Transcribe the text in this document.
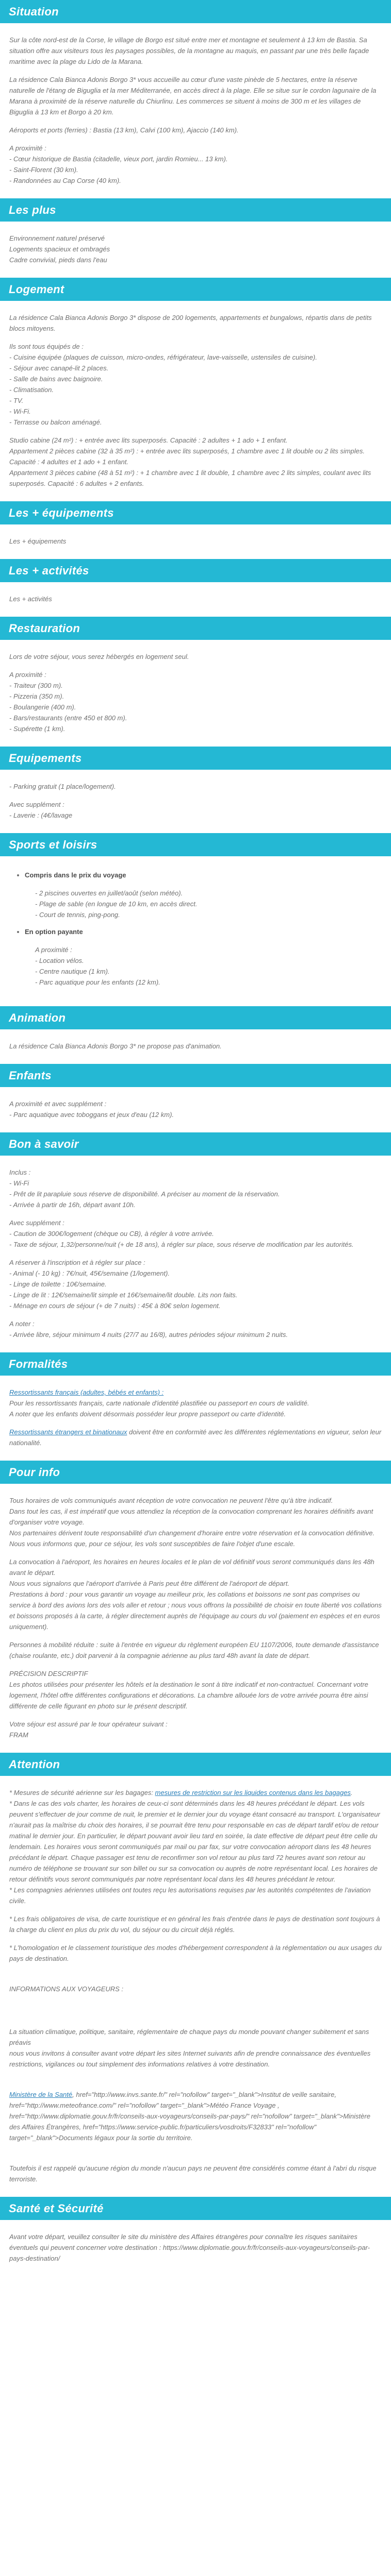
Situation

Sur la côte nord-est de la Corse, le village de Borgo est situé entre mer et montagne et seulement à 13 km de Bastia. Sa situation offre aux visiteurs tous les paysages possibles, de la montagne au maquis, en passant par une très belle façade maritime avec la plage du Lido de la Marana.

La résidence Cala Bianca Adonis Borgo 3* vous accueille au cœur d'une vaste pinède de 5 hectares, entre la réserve naturelle de l'étang de Biguglia et la mer Méditerranée, en accès direct à la plage. Elle se situe sur le cordon lagunaire de la Marana à proximité de la réserve naturelle du Chiurlinu. Les commerces se situent à moins de 300 m et les villages de Biguglia à 13 km et Borgo à 20 km.

Aéroports et ports (ferries) : Bastia (13 km), Calvi (100 km), Ajaccio (140 km).

A proximité :
- Cœur historique de Bastia (citadelle, vieux port, jardin Romieu... 13 km).
- Saint-Florent (30 km).
- Randonnées au Cap Corse (40 km).

Les plus

Environnement naturel préservé
Logements spacieux et ombragés
Cadre convivial, pieds dans l'eau

Logement

La résidence Cala Bianca Adonis Borgo 3* dispose de 200 logements, appartements et bungalows, répartis dans de petits blocs mitoyens.

Ils sont tous équipés de :
- Cuisine équipée (plaques de cuisson, micro-ondes, réfrigérateur, lave-vaisselle, ustensiles de cuisine).
- Séjour avec canapé-lit 2 places.
- Salle de bains avec baignoire.
- Climatisation.
- TV.
- Wi-Fi.
- Terrasse ou balcon aménagé.

Studio cabine (24 m²) : + entrée avec lits superposés. Capacité : 2 adultes + 1 ado + 1 enfant.
Appartement 2 pièces cabine (32 à 35 m²) : + entrée avec lits superposés, 1 chambre avec 1 lit double ou 2 lits simples. Capacité : 4 adultes et 1 ado + 1 enfant.
Appartement 3 pièces cabine (48 à 51 m²) : + 1 chambre avec 1 lit double, 1 chambre avec 2 lits simples, coulant avec lits superposés. Capacité : 6 adultes + 2 enfants.

Les + équipements

Les + équipements

Les + activités

Les + activités

Restauration

Lors de votre séjour, vous serez hébergés en logement seul.

A proximité :
- Traiteur (300 m).
- Pizzeria (350 m).
- Boulangerie (400 m).
- Bars/restaurants (entre 450 et 800 m).
- Supérette (1 km).

Equipements

- Parking gratuit (1 place/logement).

Avec supplément :
- Laverie : (4€/lavage

Sports et loisirs
• Compris dans le prix du voyage
- 2 piscines ouvertes en juillet/août (selon météo).
- Plage de sable (en longue de 10 km, en accès direct.
- Court de tennis, ping-pong.
• En option payante
A proximité :
- Location vélos.
- Centre nautique (1 km).
- Parc aquatique pour les enfants (12 km).
Animation

La résidence Cala Bianca Adonis Borgo 3* ne propose pas d'animation.

Enfants

A proximité et avec supplément :
- Parc aquatique avec toboggans et jeux d'eau (12 km).

Bon à savoir

Inclus :
- Wi-Fi
- Prêt de lit parapluie sous réserve de disponibilité. A préciser au moment de la réservation.
- Arrivée à partir de 16h, départ avant 10h.

Avec supplément :
- Caution de 300€/logement (chèque ou CB), à régler à votre arrivée.
- Taxe de séjour, 1,32/personne/nuit (+ de 18 ans), à régler sur place, sous réserve de modification par les autorités.

A réserver à l'inscription et à régler sur place :
- Animal (- 10 kg) : 7€/nuit, 45€/semaine (1/logement).
- Linge de toilette : 10€/semaine.
- Linge de lit : 12€/semaine/lit simple et 16€/semaine/lit double. Lits non faits.
- Ménage en cours de séjour (+ de 7 nuits) : 45€ à 80€ selon logement.

A noter :
- Arrivée libre, séjour minimum 4 nuits (27/7 au 16/8), autres périodes séjour minimum 2 nuits.

Formalités

Ressortissants français (adultes, bébés et enfants) :
Pour les ressortissants français, carte nationale d'identité plastifiée ou passeport en cours de validité.
A noter que les enfants doivent désormais posséder leur propre passeport ou carte d'identité.

Ressortissants étrangers et binationaux doivent être en conformité avec les différentes réglementations en vigueur, selon leur nationalité.

Pour info

Tous horaires de vols communiqués avant réception de votre convocation ne peuvent l'être qu'à titre indicatif.
Dans tout les cas, il est impératif que vous attendiez la réception de la convocation comprenant les horaires définitifs avant d'organiser votre voyage.
Nos partenaires dérivent toute responsabilité d'un changement d'horaire entre votre réservation et la convocation définitive.
Nous vous informons que, pour ce séjour, les vols sont susceptibles de faire l'objet d'une escale.

La convocation à l'aéroport, les horaires en heures locales et le plan de vol définitif vous seront communiqués dans les 48h avant le départ.
Nous vous signalons que l'aéroport d'arrivée à Paris peut être différent de l'aéroport de départ.
Prestations à bord : pour vous garantir un voyage au meilleur prix, les collations et boissons ne sont pas comprises ou service à bord des avions lors des vols aller et retour ; nous vous offrons la possibilité de choisir en toute liberté vos collations et boissons proposés à la carte, à régler directement auprès de l'équipage au cours du vol (paiement en espèces et en euros uniquement).

Personnes à mobilité réduite : suite à l'entrée en vigueur du règlement européen EU 1107/2006, toute demande d'assistance (chaise roulante, etc.) doit parvenir à la compagnie aérienne au plus tard 48h avant la date de départ.

PRÉCISION DESCRIPTIF
Les photos utilisées pour présenter les hôtels et la destination le sont à titre indicatif et non-contractuel. Concernant votre logement, l'hôtel offre différentes configurations et décorations. La chambre allouée lors de votre arrivée pourra être ainsi différente de celle figurant en photo sur le présent descriptif.

Votre séjour est assuré par le tour opérateur suivant :
FRAM

Attention

* Mesures de sécurité aérienne sur les bagages: mesures de restriction sur les liquides contenus dans les bagages.
* Dans le cas des vols charter, les horaires de ceux-ci sont déterminés dans les 48 heures précédant le départ. Les vols peuvent s'effectuer de jour comme de nuit, le premier et le dernier jour du voyage étant consacré au transport. L'organisateur n'aurait pas la maîtrise du choix des horaires, il se pourrait être tenu pour responsable en cas de départ tardif et/ou de retour matinal le dernier jour. En particulier, le départ pouvant avoir lieu tard en soirée, la date effective de départ peut être celle du lendemain. Les horaires vous seront communiqués par mail ou par fax, sur votre convocation aéroport dans les 48 heures précédant le départ. Chaque passager est tenu de reconfirmer son vol retour au plus tard 72 heures avant son retour au numéro de téléphone se trouvant sur son billet ou sur sa convocation ou auprès de notre représentant local. Les horaires de retour définitifs vous seront communiqués par notre représentant local dans les 48 heures précédant le retour.
* Les compagnies aériennes utilisées ont toutes reçu les autorisations requises par les autorités compétentes de l'aviation civile.

* Les frais obligatoires de visa, de carte touristique et en général les frais d'entrée dans le pays de destination sont toujours à la charge du client en plus du prix du vol, du séjour ou du circuit déjà réglés.

* L'homologation et le classement touristique des modes d'hébergement correspondent à la réglementation ou aux usages du pays de destination.

INFORMATIONS AUX VOYAGEURS :

La situation climatique, politique, sanitaire, réglementaire de chaque pays du monde pouvant changer subitement et sans préavis
nous vous invitons à consulter avant votre départ les sites Internet suivants afin de prendre connaissance des éventuelles restrictions, vigilances ou tout simplement des informations relatives à votre destination.

Ministère de la Santé, href="http://www.invs.sante.fr/" rel="nofollow" target="_blank">Institut de veille sanitaire, href="http://www.meteofrance.com/" rel="nofollow" target="_blank">Météo France Voyage , href="http://www.diplomatie.gouv.fr/fr/conseils-aux-voyageurs/conseils-par-pays/" rel="nofollow" target="_blank">Ministère des Affaires Étrangères, href="https://www.service-public.fr/particuliers/vosdroits/F32833" rel="nofollow" target="_blank">Documents légaux pour la sortie du territoire.

Toutefois il est rappelé qu'aucune région du monde n'aucun pays ne peuvent être considérés comme étant à l'abri du risque terroriste.

Santé et Sécurité

Avant votre départ, veuillez consulter le site du ministère des Affaires étrangères pour connaître les risques sanitaires éventuels qui peuvent concerner votre destination : https://www.diplomatie.gouv.fr/fr/conseils-aux-voyageurs/conseils-par-pays-destination/
